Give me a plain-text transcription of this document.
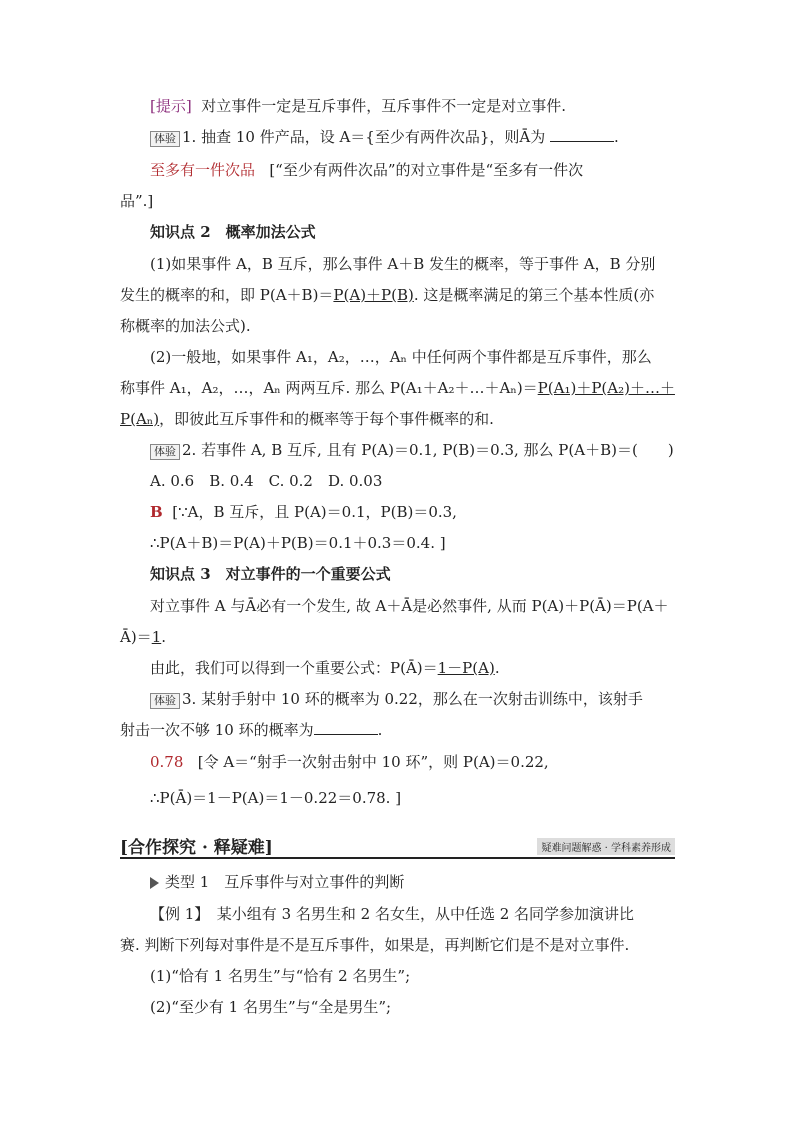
[提示] 对立事件一定是互斥事件，互斥事件不一定是对立事件.
体验 1. 抽查 10 件产品，设 A＝{至少有两件次品}，则Ā为	.
至多有一件次品 [“至少有两件次品”的对立事件是“至多有一件次
品”.]
知识点 2　概率加法公式
(1)如果事件 A，B 互斥，那么事件 A＋B 发生的概率，等于事件 A，B 分别
发生的概率的和，即 P(A＋B)＝P(A)＋P(B). 这是概率满足的第三个基本性质(亦
称概率的加法公式).
(2)一般地，如果事件 A₁，A₂，…，Aₙ 中任何两个事件都是互斥事件，那么
称事件 A₁，A₂，…，Aₙ 两两互斥. 那么 P(A₁＋A₂＋…＋Aₙ)＝P(A₁)＋P(A₂)＋…＋
P(Aₙ)，即彼此互斥事件和的概率等于每个事件概率的和.
体验 2. 若事件 A, B 互斥, 且有 P(A)＝0.1, P(B)＝0.3, 那么 P(A＋B)＝(　　)
A. 0.6　B. 0.4　C. 0.2　D. 0.03
B [∵A，B 互斥，且 P(A)＝0.1，P(B)＝0.3,
∴P(A＋B)＝P(A)＋P(B)＝0.1＋0.3＝0.4. ]
知识点 3　对立事件的一个重要公式
对立事件 A 与Ā必有一个发生, 故 A＋Ā是必然事件, 从而 P(A)＋P(Ā)＝P(A＋
Ā)＝1.
由此，我们可以得到一个重要公式：P(Ā)＝1－P(A).
体验 3. 某射手射中 10 环的概率为 0.22，那么在一次射击训练中，该射手
射击一次不够 10 环的概率为	.
0.78 [令 A＝“射手一次射击射中 10 环”，则 P(A)＝0.22,
∴P(Ā)＝1－P(A)＝1－0.22＝0.78. ]
[合作探究 · 释疑难]	疑难问题解惑 · 学科素养形成
类型 1　互斥事件与对立事件的判断
【例 1】　某小组有 3 名男生和 2 名女生，从中任选 2 名同学参加演讲比
赛. 判断下列每对事件是不是互斥事件，如果是，再判断它们是不是对立事件.
(1)“恰有 1 名男生”与“恰有 2 名男生”;
(2)“至少有 1 名男生”与“全是男生”;
